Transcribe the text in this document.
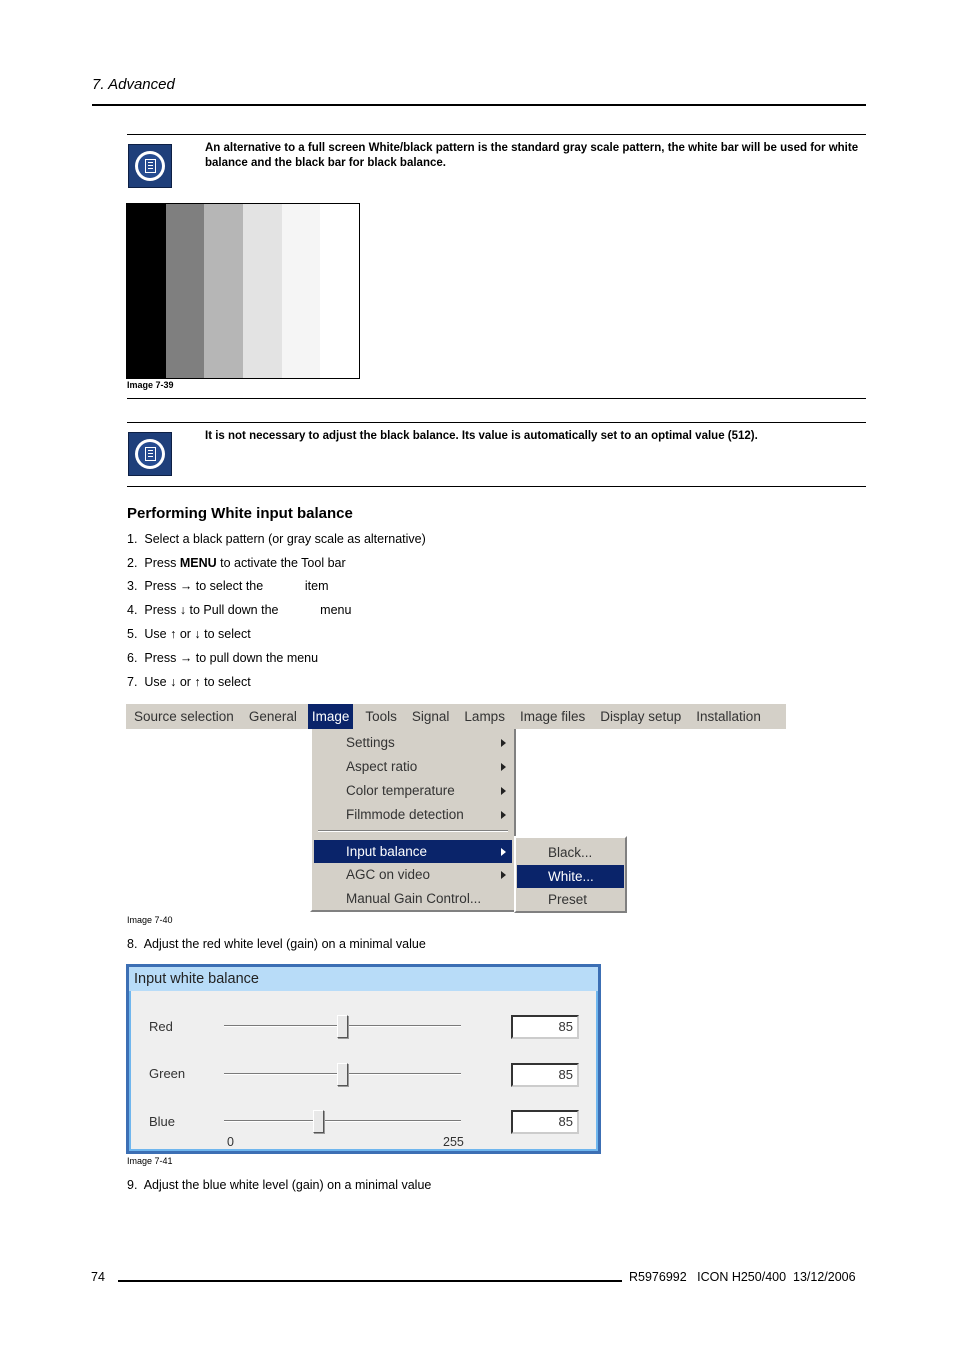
7. Advanced
An alternative to a full screen White/black pattern is the standard gray scale pattern, the white bar will be used for white balance and the black bar for black balance.
Image 7-39
It is not necessary to adjust the black balance. Its value is automatically set to an optimal value (512).
Performing White input balance
1. Select a black pattern (or gray scale as alternative)
2. Press MENU to activate the Tool bar
3. Press → to select the            item
4. Press ↓ to Pull down the            menu
5. Use ↑ or ↓ to select
6. Press → to pull down the menu
7. Use ↓ or ↑ to select
Source selection	General	Image	Tools	Signal	Lamps	Image files	Display setup	Installation
Settings
Aspect ratio
Color temperature
Filmmode detection
Input balance
AGC on video
Manual Gain Control...
Black...
White...
Preset
Image 7-40
8. Adjust the red white level (gain) on a minimal value
Input white balance
Red	85
Green	85
Blue	85
0	255
Image 7-41
9. Adjust the blue white level (gain) on a minimal value
74	R5976992   ICON H250/400  13/12/2006
